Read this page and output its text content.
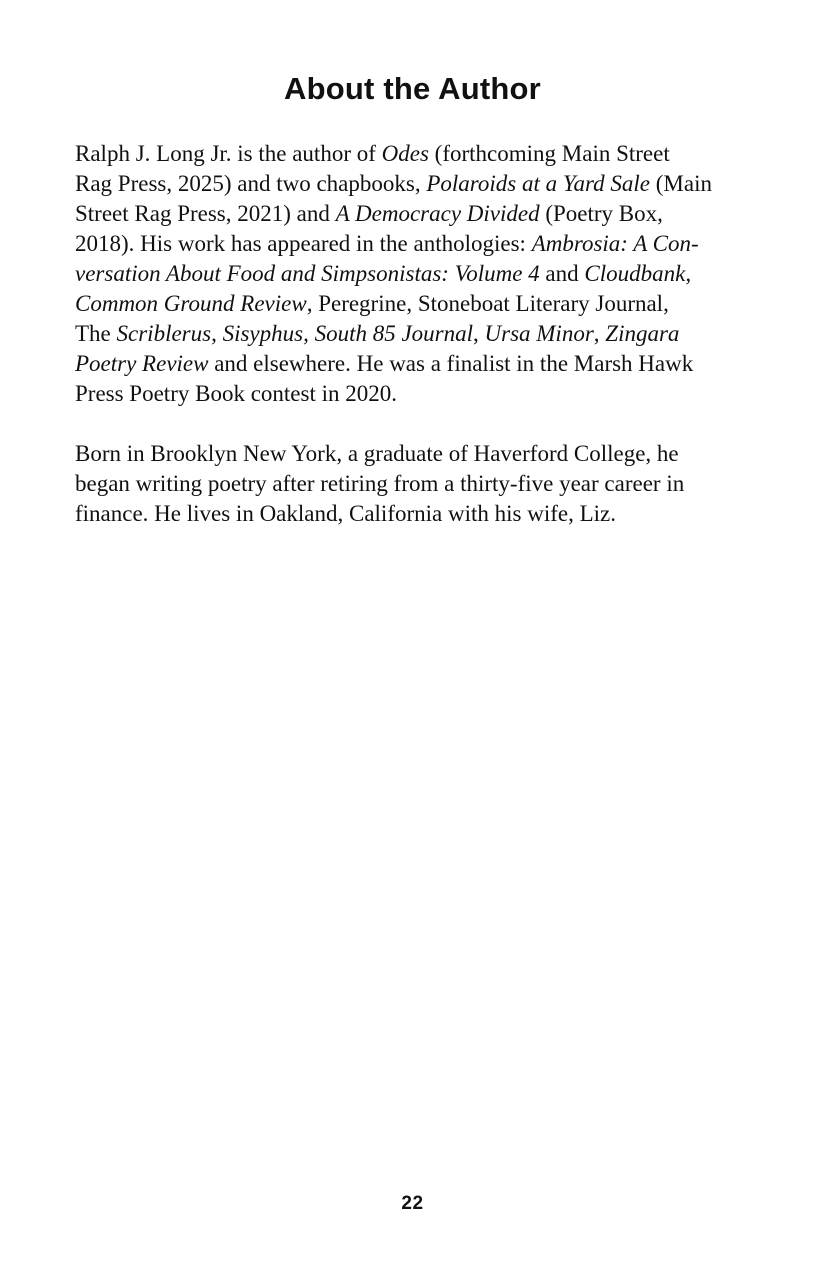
About the Author
Ralph J. Long Jr. is the author of Odes (forthcoming Main Street
Rag Press, 2025) and two chapbooks, Polaroids at a Yard Sale (Main
Street Rag Press, 2021) and A Democracy Divided (Poetry Box,
2018). His work has appeared in the anthologies: Ambrosia: A Con-
versation About Food and Simpsonistas: Volume 4 and Cloudbank,
Common Ground Review, Peregrine, Stoneboat Literary Journal,
The Scriblerus, Sisyphus, South 85 Journal, Ursa Minor, Zingara
Poetry Review and elsewhere. He was a finalist in the Marsh Hawk
Press Poetry Book contest in 2020.
Born in Brooklyn New York, a graduate of Haverford College, he
began writing poetry after retiring from a thirty-five year career in
finance. He lives in Oakland, California with his wife, Liz.
22
